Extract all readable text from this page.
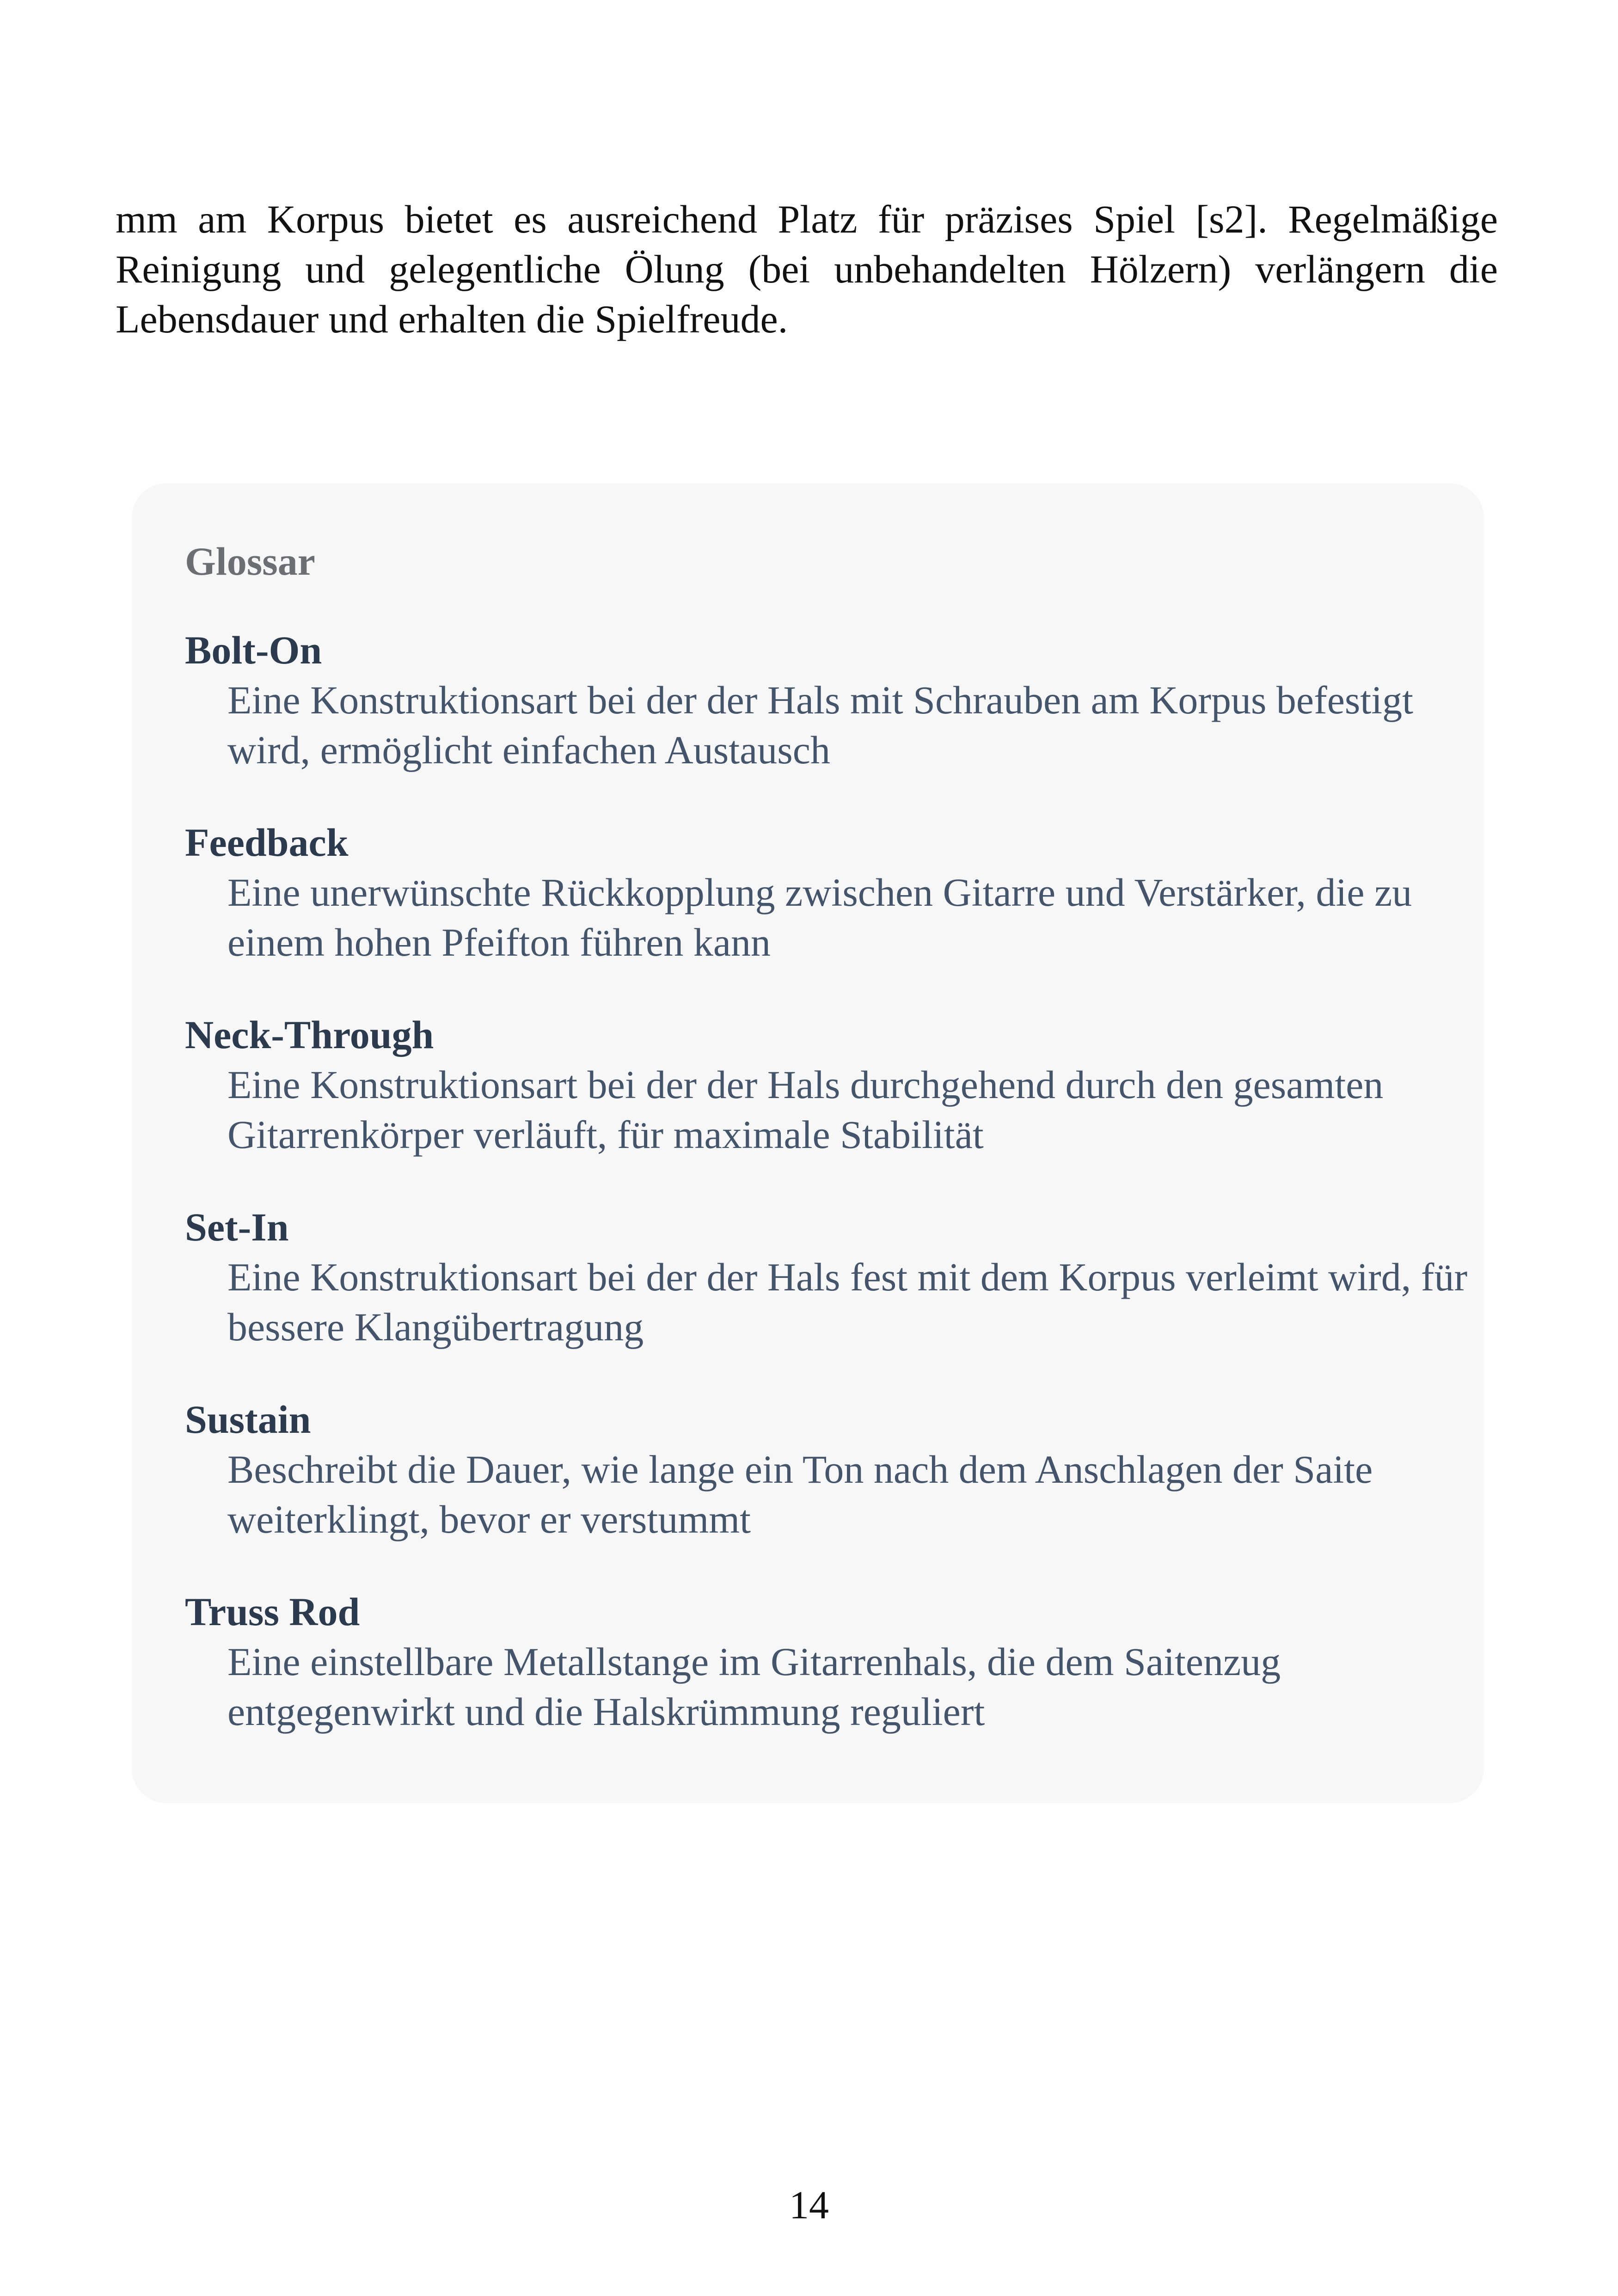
mm am Korpus bietet es ausreichend Platz für präzises Spiel [s2]. Regelmäßige Reinigung und gelegentliche Ölung (bei unbehandelten Hölzern) verlängern die Lebensdauer und erhalten die Spielfreude.

Glossar
Bolt-On
Eine Konstruktionsart bei der der Hals mit Schrauben am Korpus befestigt wird, ermöglicht einfachen Austausch
Feedback
Eine unerwünschte Rückkopplung zwischen Gitarre und Verstärker, die zu einem hohen Pfeifton führen kann
Neck-Through
Eine Konstruktionsart bei der der Hals durchgehend durch den gesamten Gitarrenkörper verläuft, für maximale Stabilität
Set-In
Eine Konstruktionsart bei der der Hals fest mit dem Korpus verleimt wird, für bessere Klangübertragung
Sustain
Beschreibt die Dauer, wie lange ein Ton nach dem Anschlagen der Saite weiterklingt, bevor er verstummt
Truss Rod
Eine einstellbare Metallstange im Gitarrenhals, die dem Saitenzug entgegenwirkt und die Halskrümmung reguliert

14
